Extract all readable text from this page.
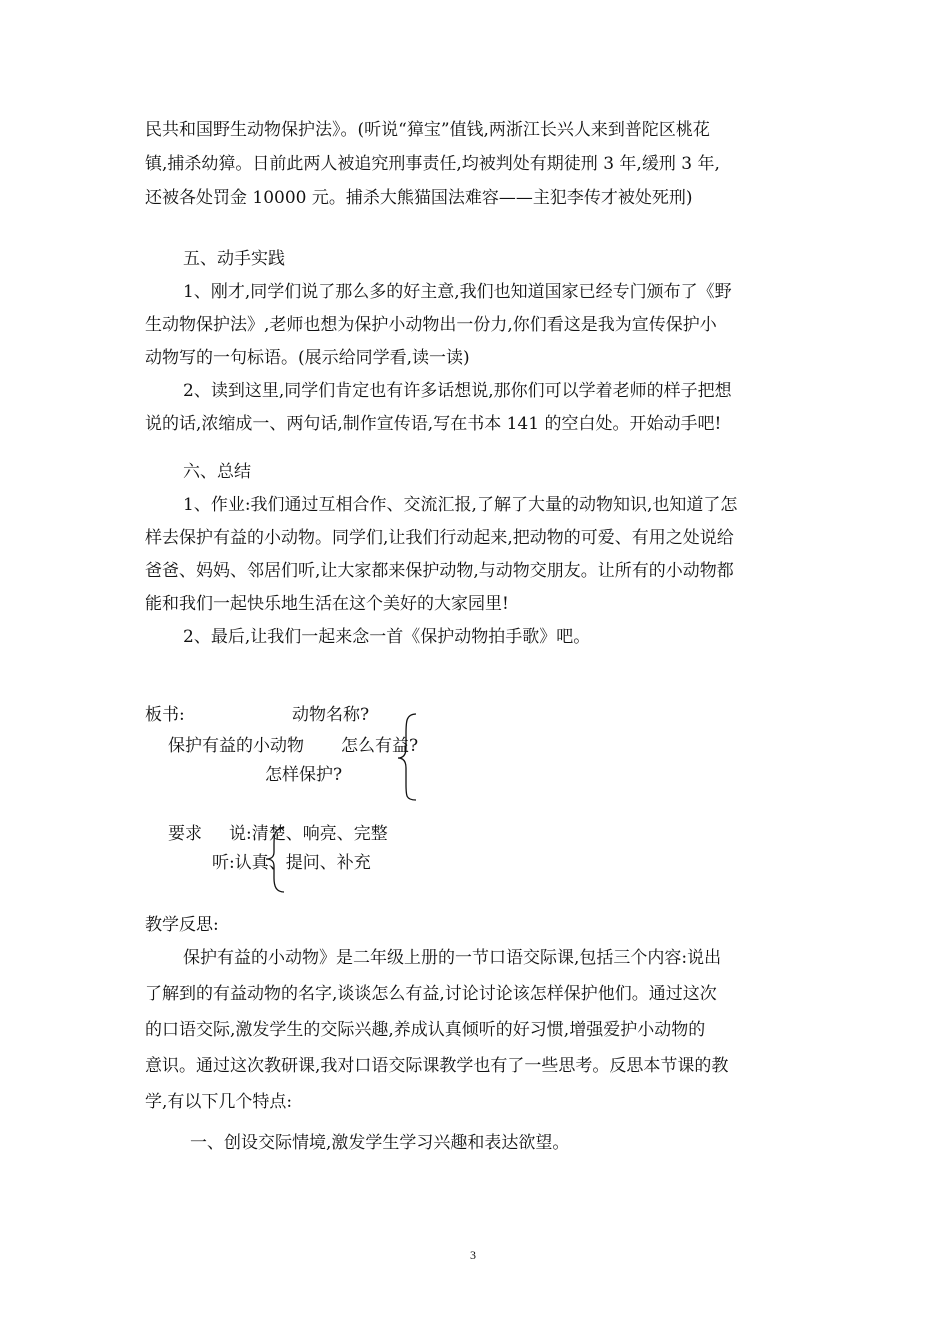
民共和国野生动物保护法》。(听说“獐宝”值钱,两浙江长兴人来到普陀区桃花
镇,捕杀幼獐。日前此两人被追究刑事责任,均被判处有期徒刑 3 年,缓刑 3 年,
还被各处罚金 10000 元。捕杀大熊猫国法难容——主犯李传才被处死刑)
五、动手实践
1、刚才,同学们说了那么多的好主意,我们也知道国家已经专门颁布了《野
生动物保护法》,老师也想为保护小动物出一份力,你们看这是我为宣传保护小
动物写的一句标语。(展示给同学看,读一读)
2、读到这里,同学们肯定也有许多话想说,那你们可以学着老师的样子把想
说的话,浓缩成一、两句话,制作宣传语,写在书本 141 的空白处。开始动手吧!
六、总结
1、作业:我们通过互相合作、交流汇报,了解了大量的动物知识,也知道了怎
样去保护有益的小动物。同学们,让我们行动起来,把动物的可爱、有用之处说给
爸爸、妈妈、邻居们听,让大家都来保护动物,与动物交朋友。让所有的小动物都
能和我们一起快乐地生活在这个美好的大家园里!
2、最后,让我们一起来念一首《保护动物拍手歌》吧。
板书:	动物名称?
保护有益的小动物 怎么有益?
怎样保护?
要求 说:清楚、响亮、完整
听:认真、提问、补充
教学反思:
保护有益的小动物》是二年级上册的一节口语交际课,包括三个内容:说出
了解到的有益动物的名字,谈谈怎么有益,讨论讨论该怎样保护他们。通过这次
的口语交际,激发学生的交际兴趣,养成认真倾听的好习惯,增强爱护小动物的
意识。通过这次教研课,我对口语交际课教学也有了一些思考。反思本节课的教
学,有以下几个特点:
一、创设交际情境,激发学生学习兴趣和表达欲望。
3
